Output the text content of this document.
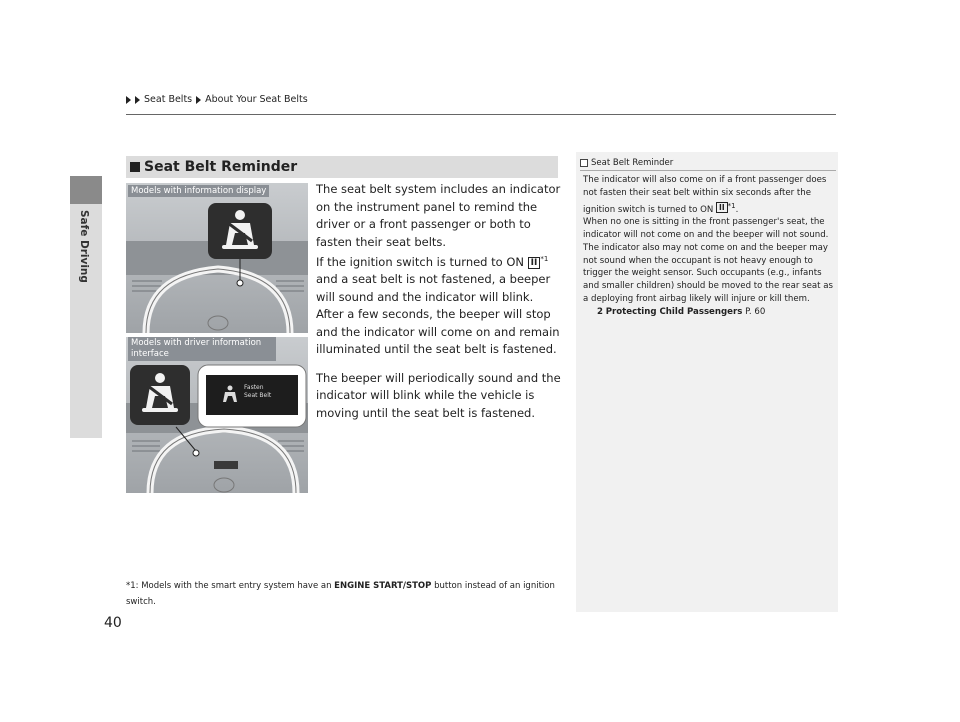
Safe Driving
Seat Belts About Your Seat Belts
Seat Belt Reminder
Fasten
Seat Belt
Models with information display
Models with driver information
interface

The seat belt system includes an indicator on the instrument panel to remind the driver or a front passenger or both to fasten their seat belts.

If the ignition switch is turned to ON II $^{*1}$ and a seat belt is not fastened, a beeper will sound and the indicator will blink. After a few seconds, the beeper will stop and the indicator will come on and remain illuminated until the seat belt is fastened.

The beeper will periodically sound and the indicator will blink while the vehicle is moving until the seat belt is fastened.

*1: Models with the smart entry system have an ENGINE START/STOP button instead of an ignition switch.
Seat Belt Reminder
The indicator will also come on if a front passenger does not fasten their seat belt within six seconds after the ignition switch is turned to ON II $^{*1}$.
When no one is sitting in the front passenger's seat, the indicator will not come on and the beeper will not sound. The indicator also may not come on and the beeper may not sound when the occupant is not heavy enough to trigger the weight sensor. Such occupants (e.g., infants and smaller children) should be moved to the rear seat as a deploying front airbag likely will injure or kill them.
2 Protecting Child Passengers P. 60
40
